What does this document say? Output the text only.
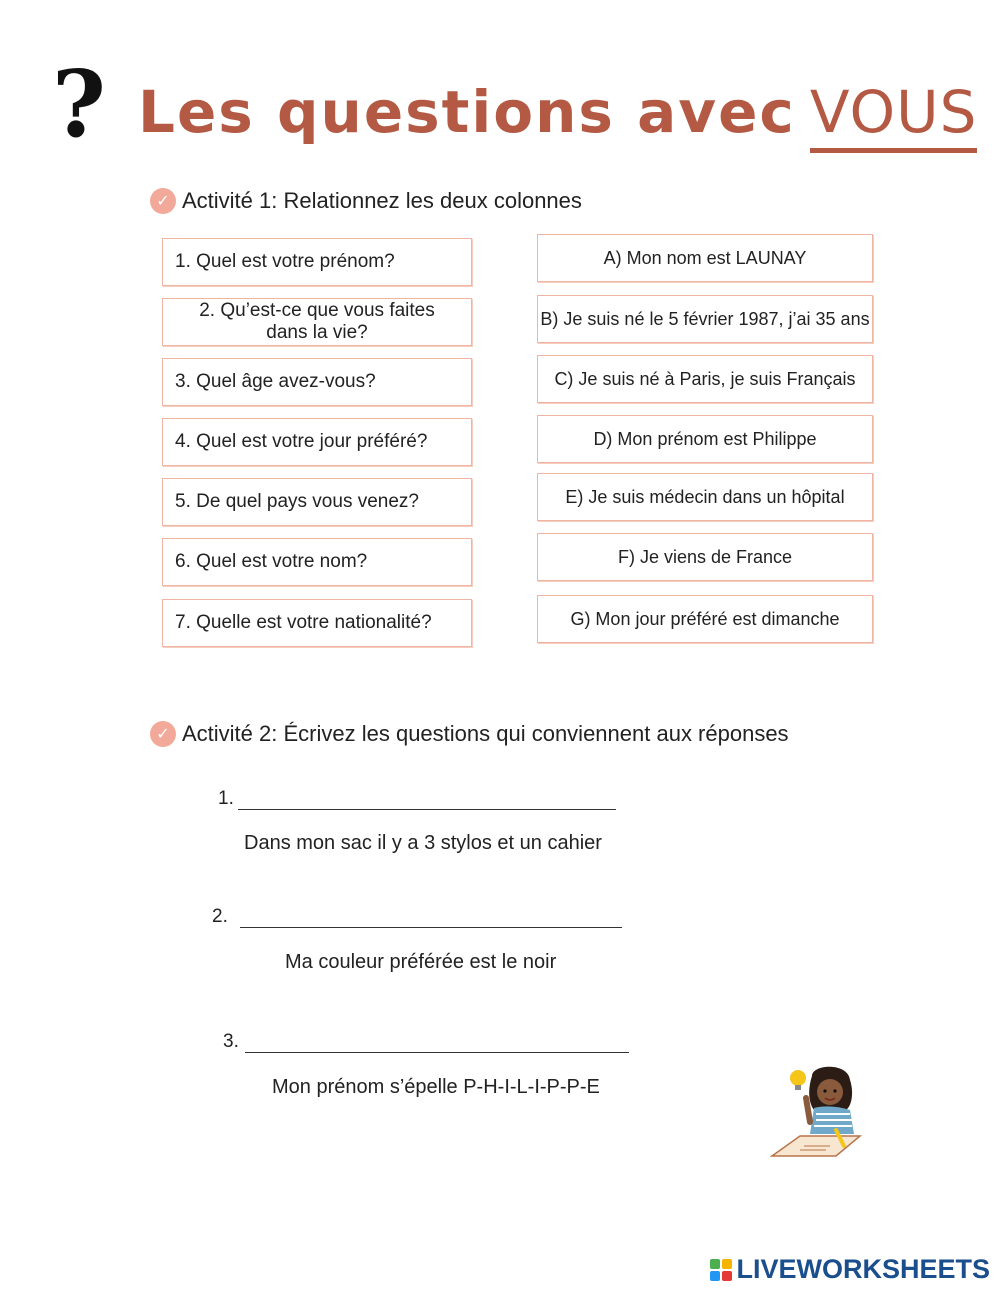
? Les questions avec VOUS
✓ Activité 1: Relationnez les deux colonnes
1. Quel est votre prénom?
2. Qu’est-ce que vous faites dans la vie?
3. Quel âge avez-vous?
4. Quel est votre jour préféré?
5. De quel pays vous venez?
6. Quel est votre nom?
7. Quelle est votre nationalité?
A) Mon nom est LAUNAY
B) Je suis né le 5 février 1987, j’ai 35 ans
C) Je suis né à Paris, je suis Français
D) Mon prénom est Philippe
E) Je suis médecin dans un hôpital
F) Je viens de France
G) Mon jour préféré est dimanche
✓ Activité 2: Écrivez les questions qui conviennent aux réponses
1.
Dans mon sac il y a 3 stylos et un cahier
2.
Ma couleur préférée est le noir
3.
Mon prénom s’épelle P-H-I-L-I-P-P-E
LIVEWORKSHEETS
